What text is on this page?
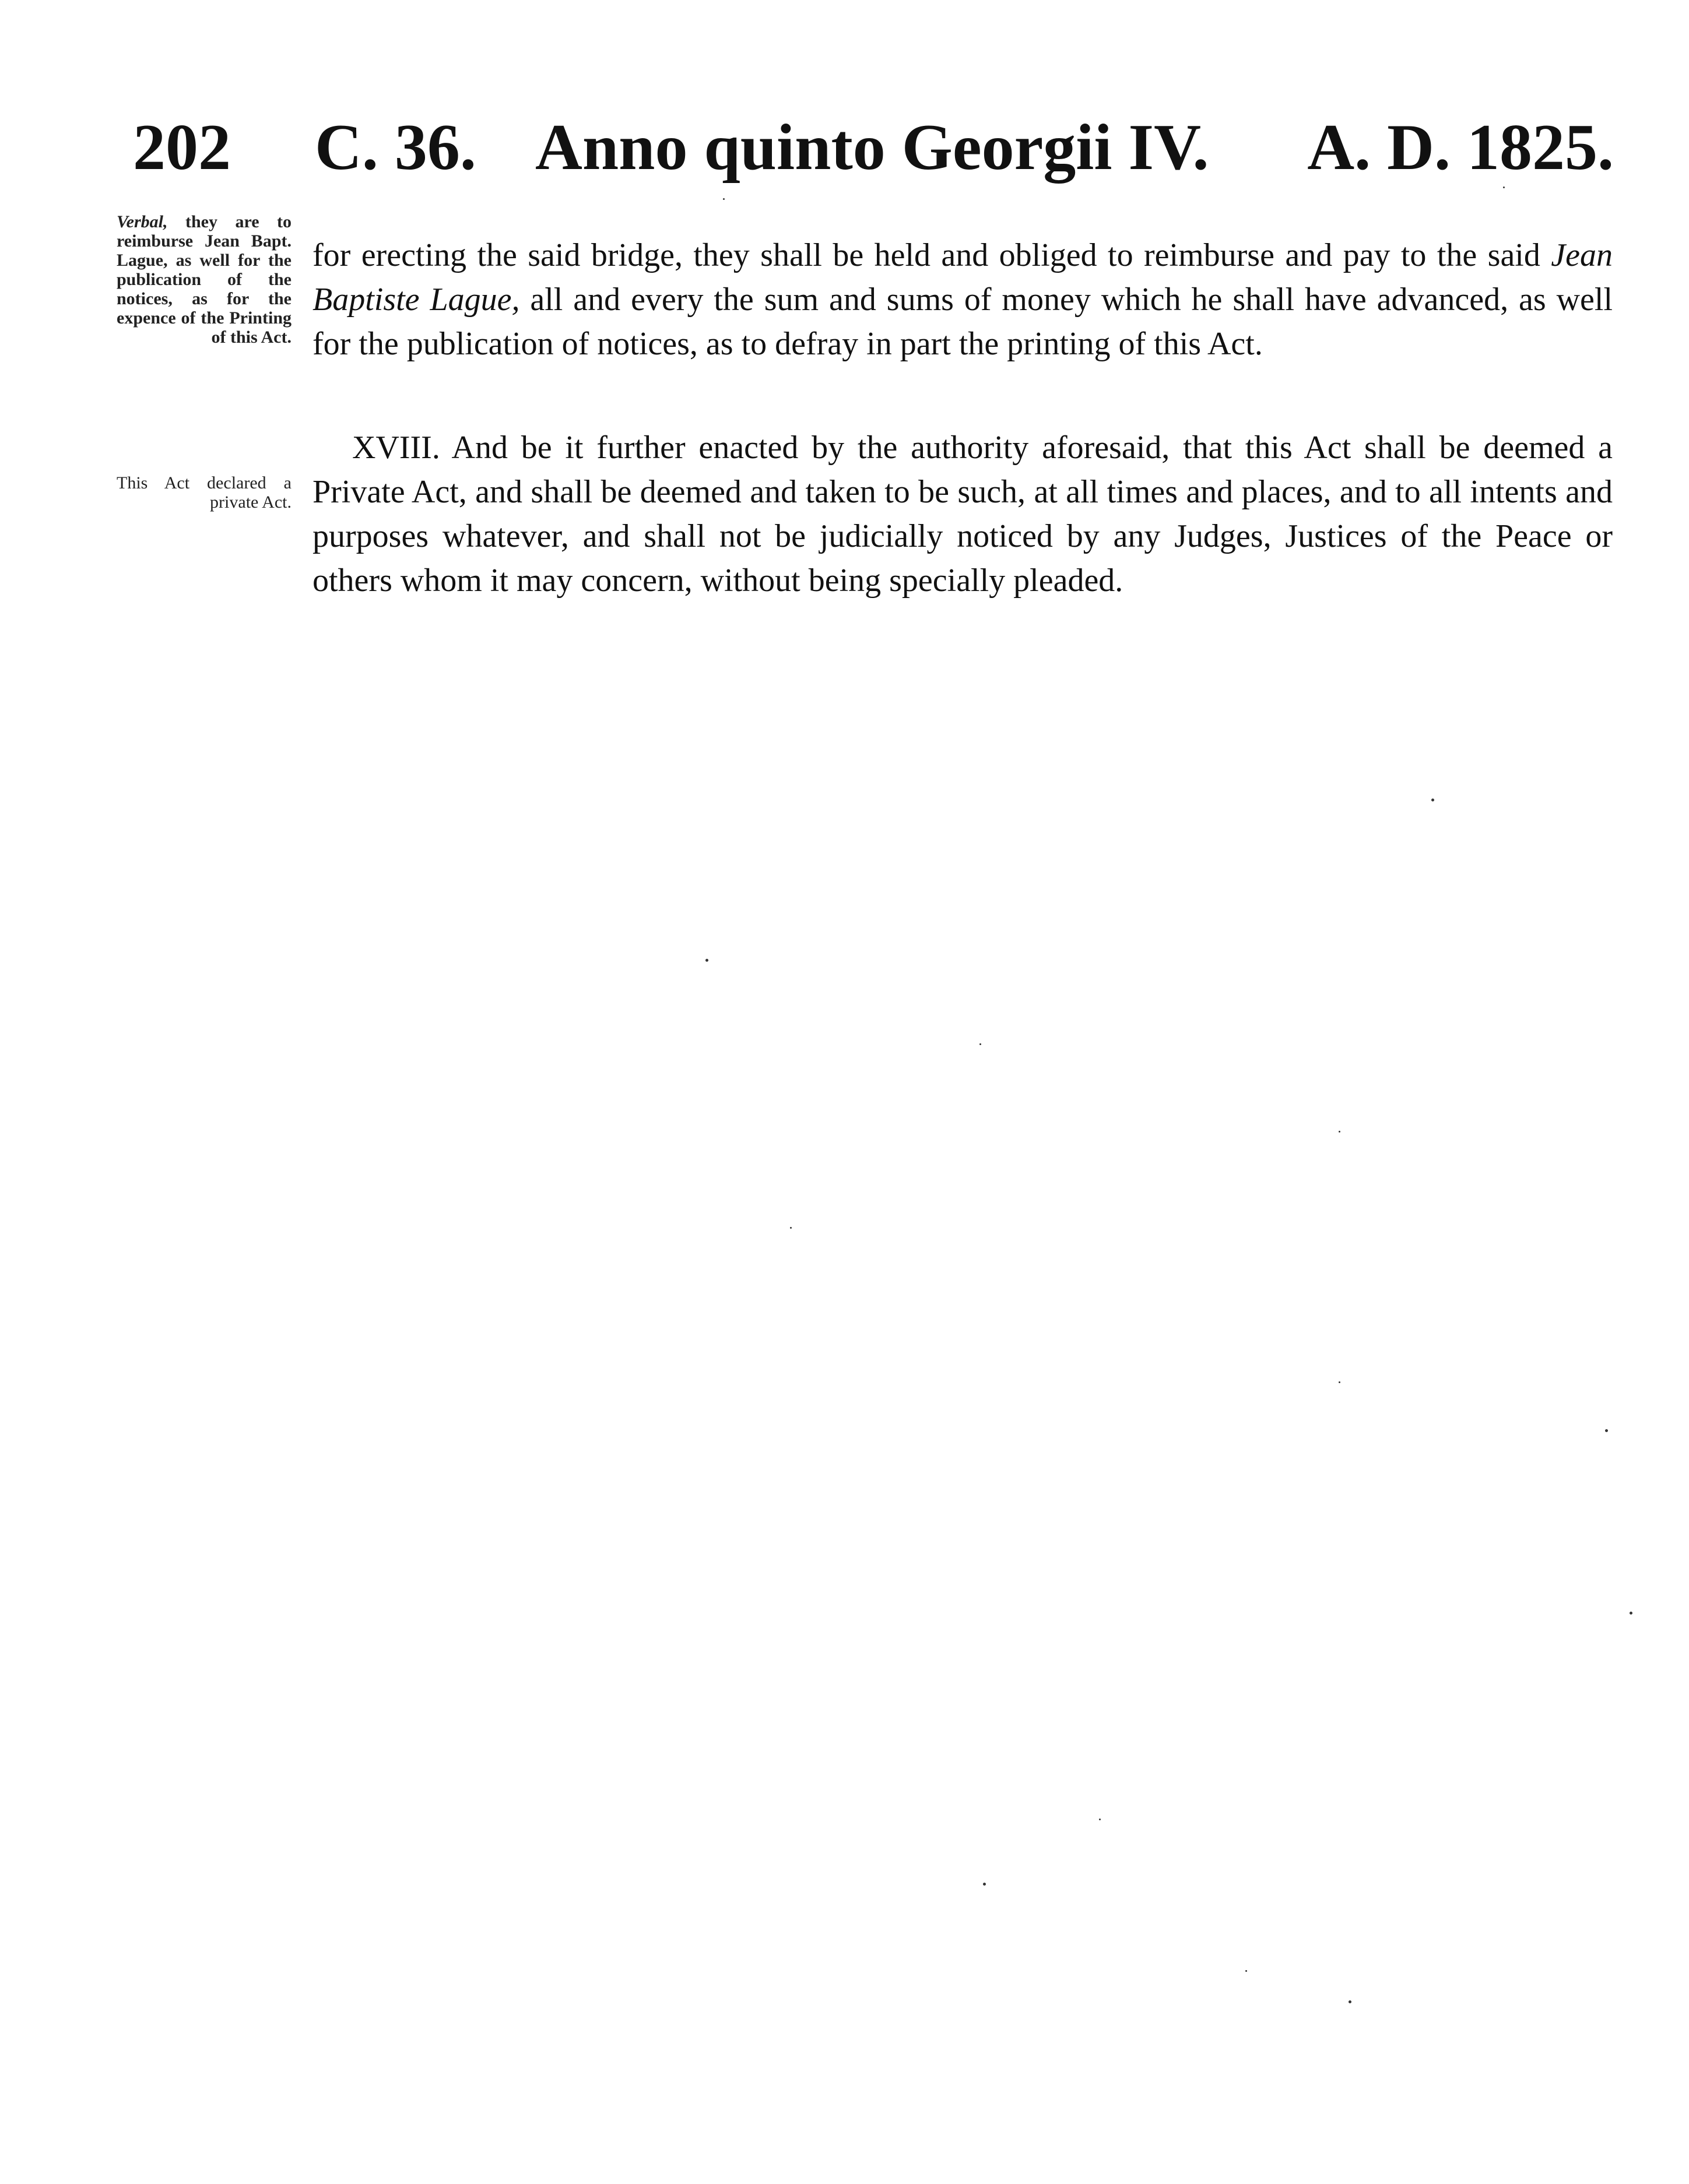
202 C. 36. Anno quinto Georgii IV. A. D. 1825.
Verbal, they are to reimburse Jean Bapt. Lague, as well for the publication of the notices, as for the expence of the Printing of this Act.
This Act declared a private Act.
for erecting the said bridge, they shall be held and obliged to reimburse and pay to the said Jean Baptiste Lague, all and every the sum and sums of money which he shall have advanced, as well for the publication of notices, as to defray in part the printing of this Act.
XVIII. And be it further enacted by the authority aforesaid, that this Act shall be deemed a Private Act, and shall be deemed and taken to be such, at all times and places, and to all intents and purposes whatever, and shall not be judicially noticed by any Judges, Justices of the Peace or others whom it may concern, without being specially pleaded.
